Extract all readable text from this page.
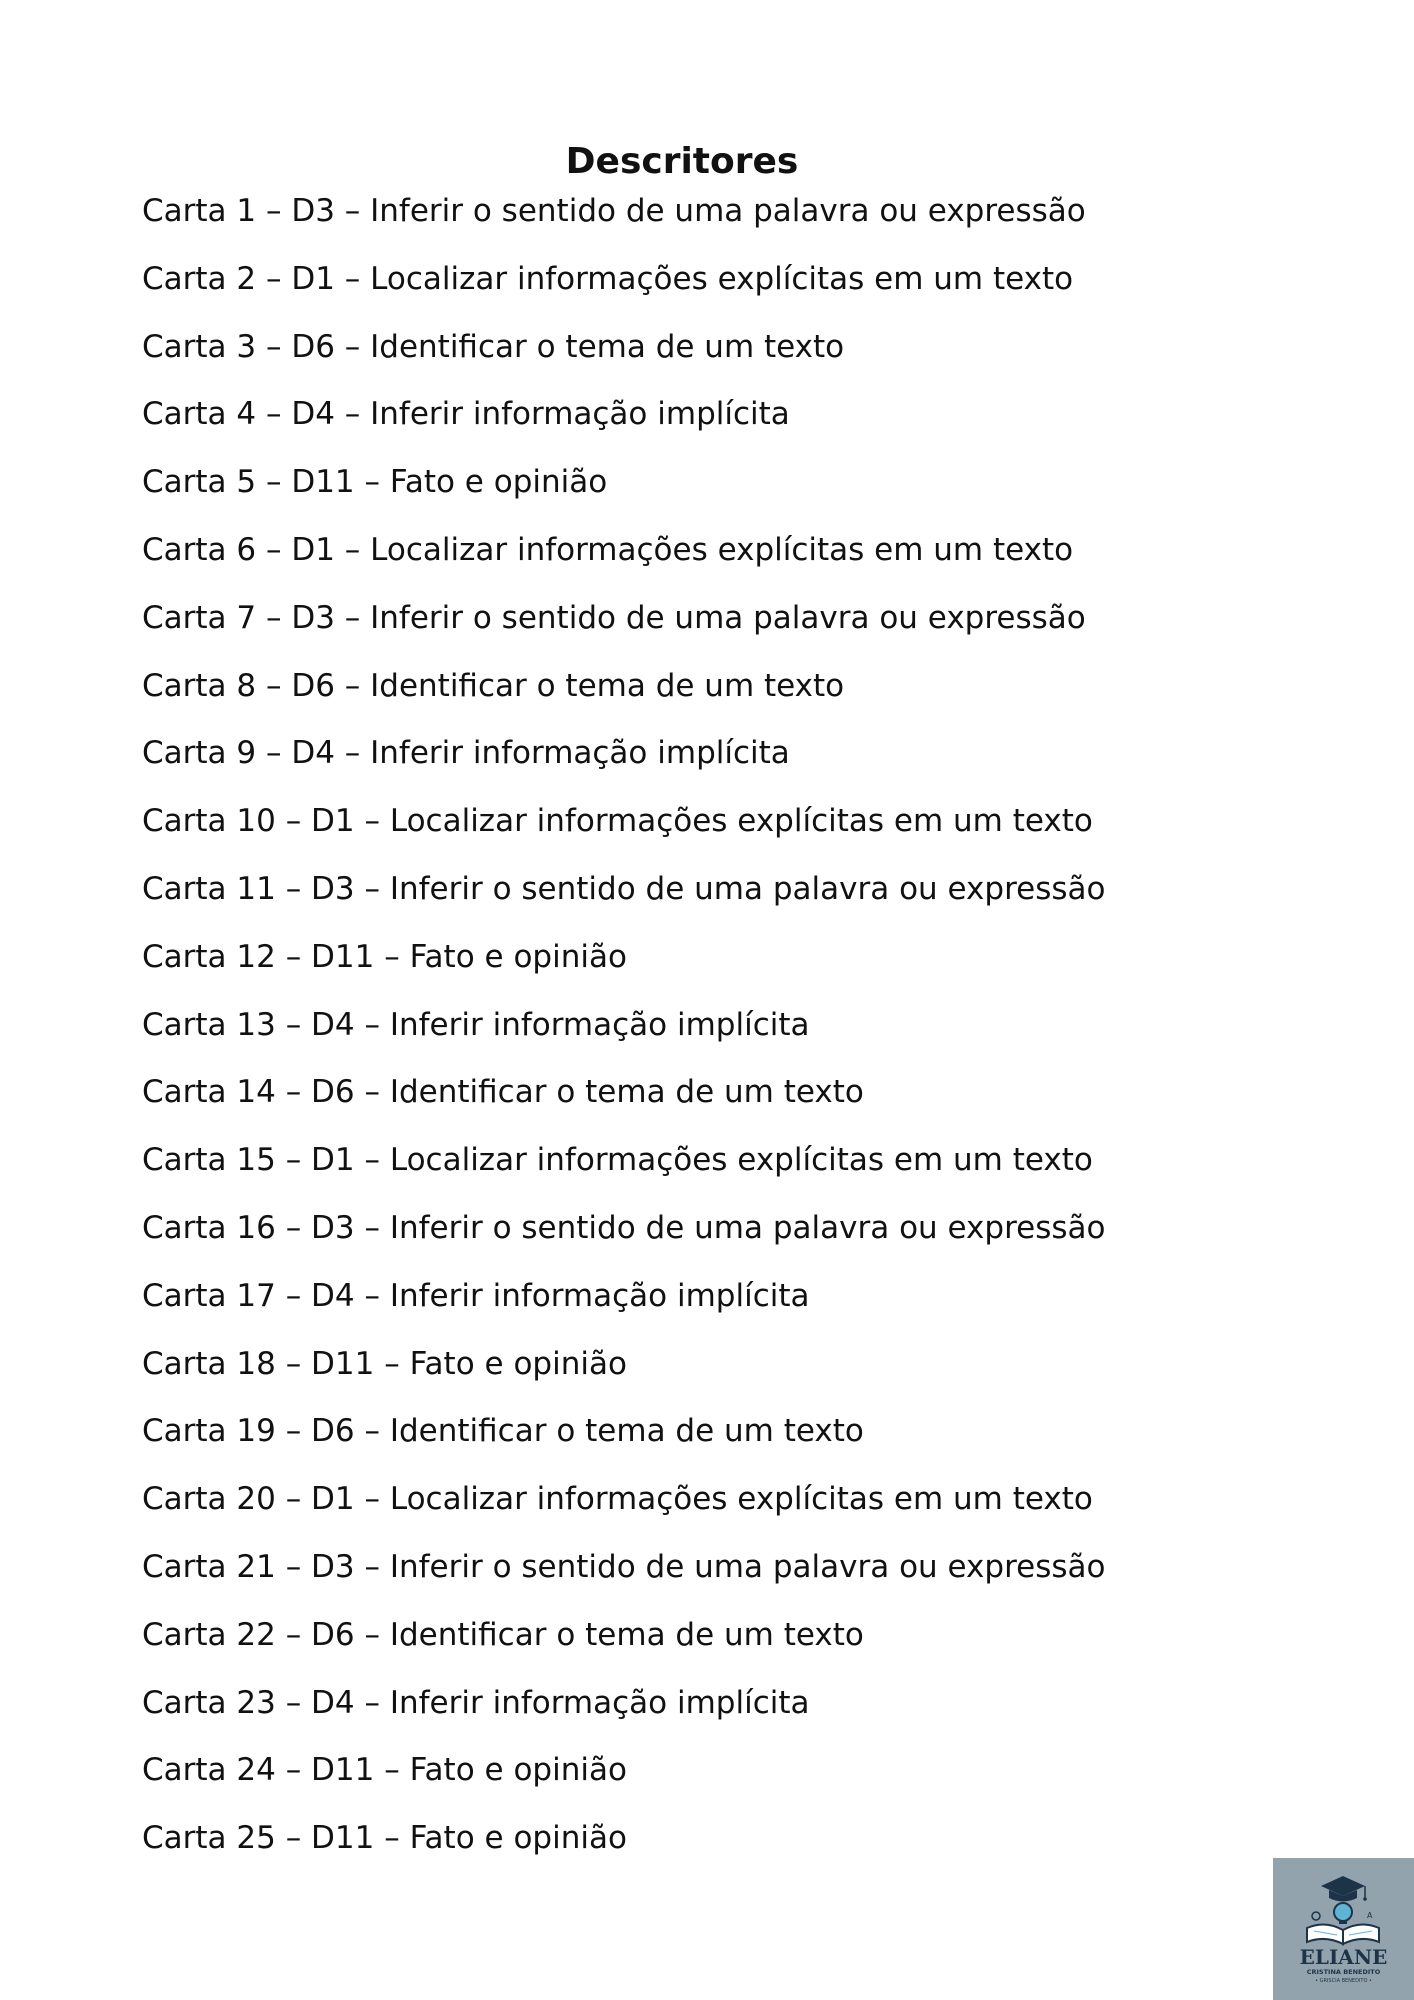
Descritores
Carta 1 – D3 – Inferir o sentido de uma palavra ou expressão
Carta 2 – D1 – Localizar informações explícitas em um texto
Carta 3 – D6 – Identificar o tema de um texto
Carta 4 – D4 – Inferir informação implícita
Carta 5 – D11 – Fato e opinião
Carta 6 – D1 – Localizar informações explícitas em um texto
Carta 7 – D3 – Inferir o sentido de uma palavra ou expressão
Carta 8 – D6 – Identificar o tema de um texto
Carta 9 – D4 – Inferir informação implícita
Carta 10 – D1 – Localizar informações explícitas em um texto
Carta 11 – D3 – Inferir o sentido de uma palavra ou expressão
Carta 12 – D11 – Fato e opinião
Carta 13 – D4 – Inferir informação implícita
Carta 14 – D6 – Identificar o tema de um texto
Carta 15 – D1 – Localizar informações explícitas em um texto
Carta 16 – D3 – Inferir o sentido de uma palavra ou expressão
Carta 17 – D4 – Inferir informação implícita
Carta 18 – D11 – Fato e opinião
Carta 19 – D6 – Identificar o tema de um texto
Carta 20 – D1 – Localizar informações explícitas em um texto
Carta 21 – D3 – Inferir o sentido de uma palavra ou expressão
Carta 22 – D6 – Identificar o tema de um texto
Carta 23 – D4 – Inferir informação implícita
Carta 24 – D11 – Fato e opinião
Carta 25 – D11 – Fato e opinião
A
ELIANE
CRISTINA BENEDITO
• GRISCIA BENEDITO •
